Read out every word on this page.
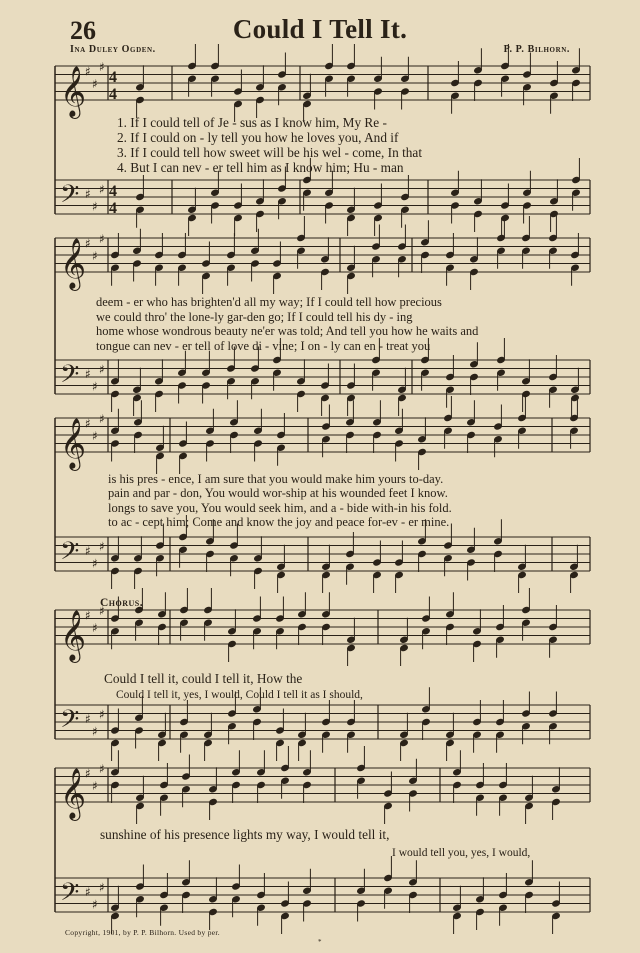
𝄞
♯
♯
♯
4
4
𝄢 ♯
♯
♯ 4
4
𝄞
♯
♯
♯
𝄢 ♯
♯
♯
𝄞
♯
♯
♯
𝄢 ♯
♯
♯
𝄞
♯
♯
♯
𝄢 ♯
♯
♯
𝄞
♯
♯
♯
𝄢 ♯
♯
♯
26	Could I Tell It.
Ina Duley Ogden.	P. P. Bilhorn.
1. If I could tell of Je - sus as I know him, My Re -
2. If I could on - ly tell you how he loves you, And if
3. If I could tell how sweet will be his wel - come, In that
4. But I can nev - er tell him as I know him; Hu - man
deem - er who has brighten'd all my way; If I could tell how precious
we could thro' the lone-ly gar-den go; If I could tell his dy - ing
home whose wondrous beauty ne'er was told; And tell you how he waits and
tongue can nev - er tell of love di - vine; I on - ly can en - treat you
is his pres - ence, I am sure that you would make him yours to-day.
pain and par - don, You would wor-ship at his wounded feet I know.
longs to save you, You would seek him, and a - bide with-in his fold.
to ac - cept him; Come and know the joy and peace for-ev - er mine.
Chorus.
Could I tell it, could I tell it, How the
Could I tell it, yes, I would, Could I tell it as I should,
sunshine of his presence lights my way, I would tell it,
I would tell you, yes, I would,
Copyright, 1901, by P. P. Bilhorn. Used by per.
*
